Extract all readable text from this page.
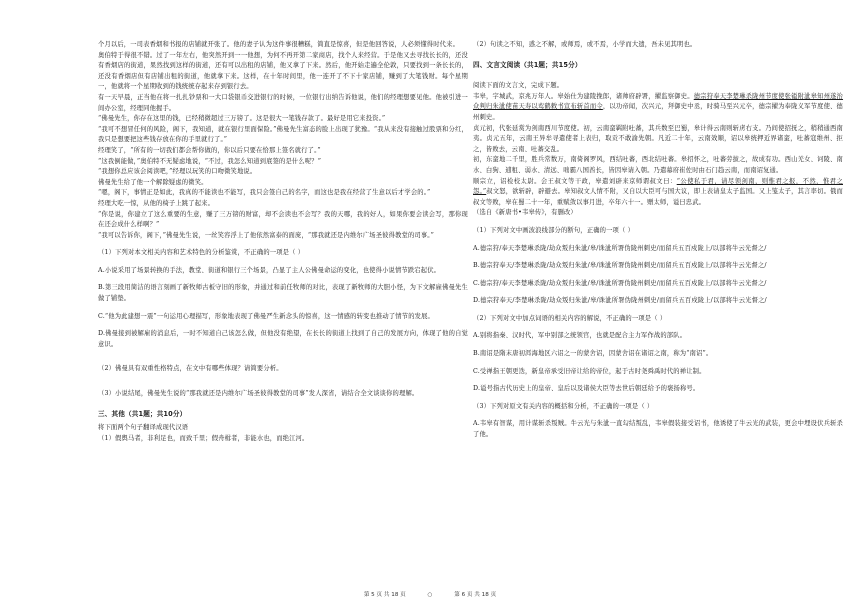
个月以后，一司表香烟和书报的店铺就开张了。他的妻子认为这件事很糟糕，简直是惊喜，但是他回答说，人必须懂得时代来。

奥伯特于得很不错。过了一年左右，他突然开到一一他想，为何不再开第二家商店，找个人来经营。于是他又去寻找长长的，还没有香烟店的街道，果然找到这样的街道，还有可以出租的店铺，他又拿了下来。然后，他开始走遍全伦敦，只要找到一条长长的，还没有香烟店但有店铺出租的街道，他就拿下来。这样，在十年时间里，他一连开了不下十家店铺，赚到了大笔钱财。每个星期一，他就将一个星期收到的钱统统存起来存到银行去。

有一天早晨，正当他在将一扎扎钞票和一大口袋银币交进银行的时候，一位银行出纳告诉他说，他们的经理想要见他。他被引进一间办公室，经理同他握手。

“佛曼先生，你存在这里的钱，已经稍微超过三万镑了。这是很大一笔钱存款了。最好是用它来投资。”

“我可不想冒任何的风险，阁下，我知道，就在银行里面保险。”佛曼先生富态的脸上出现了犹豫。“我从来没有接触过股票和分红，我只是想要把这些钱存放在你的手里就行了。”

经理笑了，“所有的一切我们都会帮你做的，你以后只要在恰那上签名就行了。”

“这我倒能做，”奥伯特不无疑虑地说，“不过，我怎么知道到底签的是什么呢？”

“我想你总应该会阅读吧，”经理以玩笑的口吻微笑地说。

佛曼先生给了他一个解除疑虑的微笑。

“嗯，阁下，事情正是如此，我真的不能读也不能写，我只会签自己的名字，而这也是我在经营了生意以后才学会的。”

经理大吃一惊，从他的椅子上跳了起来。

“你是说，你建立了这么重要的生意，赚了三万镑的财富，却不会读也不会写？我的天哪，我的好人，如果你要会读会写，那你现在还会成什么样啊？”

“我可以告诉你，阁下，”佛曼先生说，一丝笑容浮上了他依然富泰的面庞，“那我就还是内维尔广场圣彼得教堂的司事。”

（1）下列对本文相关内容和艺术特色的分析鉴赏，不正确的一项是（ ）

A.小说采用了场景转换的手法，教堂、街道和银行三个场景，凸显了主人公佛曼命运的变化，也使得小说情节跌宕起伏。

B.第三段用简洁的语言刻画了新牧师古板守旧的形象，并通过和前任牧师的对比，表现了新牧师的大胆小怪，为下文解雇佛曼先生做了铺垫。

C.“他为此建想一震”一句运用心理描写，形象地表现了佛曼严生新念头的惊喜，这一情感的转变也推动了情节的发展。

D.佛曼接到被解雇的消息后，一时不知道自己该怎么做，但他没有绝望，在长长的街道上找到了自己的发展方向，体现了他的自觉意识。

（2）佛曼具有双重性格特点，在文中有哪些体现？请简要分析。

（3）小说结尾，佛曼先生说的“那我就还是内维尔广场圣彼得教堂的司事”发人深省，请结合全文谈谈你的理解。

三、其他（共1题；共10分）

将下面两个句子翻译成现代汉语

（1）假舆马者，非利足也，而致千里；假舟楫者，非能水也，而绝江河。

（2）句读之不知，惑之不解，或师焉，或不焉，小学而大遗，吾未见其明也。

四、文言文阅读（共1题；共15分）

阅读下面的文言文，完成下题。

韦皋，字城武，京兆万年人。皋始仕为建陵挽郎，诸帅府辟署，擢监察御史。德宗狩奉天李楚琳杀陇州节度使张镒附泚皋知州遂治众判归朱泚使苗天寿以鸾鹤敕书宣布斩首而令，以功帝闻，次兴元，拜御史中丞，时骑马至兴元卒，德宗擢为奉陇义军节度使、德州刺史。

贞元初，代张延赏为剑南西川节度使。初，云南蛮羁附吐蕃，其兵数至巴蜀，皋计得云南则斩虏右支。乃间使招抚之，稍稍通西南夷。贞元五年，云南王异牟寻遣使者上表归，取贡不敢渝先朝。凡近二十年，云南效顺，诏以皋统押近界诸蛮，吐蕃寇维州、拒之，皆败去，云南、吐蕃交乱。

初，东蛮地二千里，胜兵常数万，南倚阁罗风，西结吐蕃，西北结吐蕃。皋招怀之，吐蕃劳拔之，故成有功。西山羌女、诃陵、南水、白狗、逋租、弱水、清远、咄霸八国酋长，皆因皋请入朝。乃遣幕府崔佐时由石门趋云南，而南诏复通。

顺宗立，诏检校太尉。会王叔文等干政，皋遣刘辟来京师谓叔文曰：“公使私于君，请尽领剑南，则惟君之报，不然，惟君之怨。”叔文怒，欲斩辟，辟避去。皋知叔文人情不附，又自以大臣可与国大议，即上表请皇太子监国。又上笺太子，其言率切。俄而叔文等败，皋在蜀二十一年，重赋敛以事月进，卒年六十一。赠太师，谥曰忠武。

（选自《新唐书•韦皋传》，有删改）

（1）下列对文中画波浪线部分的断句，正确的一项（ ）

A.德宗狩/奉天李楚琳杀陇/劫众叛归朱泚/皋/诛泚所署伪陇州刺史/而留兵五百戍陇上/以部将牛云光督之/

B.德宗狩奉天/李楚琳杀陇/劫众叛归朱泚/皋/诛泚所署伪陇州刺史/而留兵五百戍陇上/以部将牛云光督之/

C.德宗狩/奉天李楚琳杀陇/劫众叛归朱泚/皋/诛泚所署伪陇州刺史/而留兵五百戍陇上/以部将牛云光督之/

D.德宗狩奉天/李楚琳杀陇/劫众叛归朱泚/皋/诛泚所署伪陇州刺史/而留兵五百戍陇上/以部将牛云光督之/

（2）下列对文中加点词语的相关内容的解说，不正确的一项是（ ）

A.别将指秦、汉时代，军中别部之统领官，也就是配合主力军作战的部队。

B.南诏是隋末唐初洱海地区六诏之一的蒙舍诏，因蒙舍诏在诸诏之南，称为“南诏”。

C.受禅指王朝更迭，新皇帝承受旧帝让给的帝位，起于古时尧舜禹时代的禅让制。

D.谥号指古代历史上的皇帝、皇后以及诸侯大臣等去世后朝廷给予的褒扬称号。

（3）下列对原文有关内容的概括和分析，不正确的一项是（ ）

A.韦皋有智谋，用计谋斩杀叛贼。牛云光与朱泚一直勾结叛乱，韦皋假装接受诏书，他诱使了牛云光的武装，更会中埋设伏兵斩杀了他。

第 5 页 共 18 页	○	第 6 页 共 18 页
